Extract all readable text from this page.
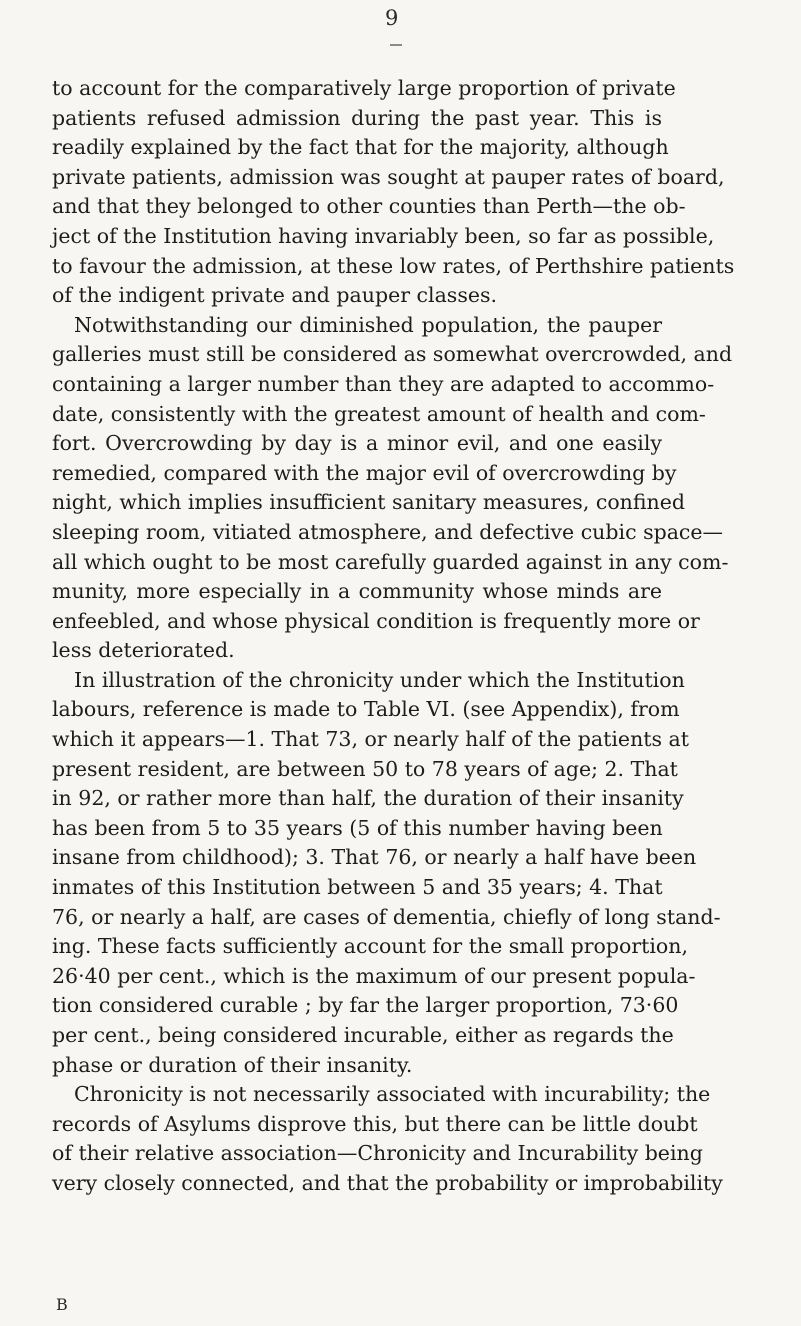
9
to account for the comparatively large proportion of private
patients refused admission during the past year. This is
readily explained by the fact that for the majority, although
private patients, admission was sought at pauper rates of board,
and that they belonged to other counties than Perth—the ob-
ject of the Institution having invariably been, so far as possible,
to favour the admission, at these low rates, of Perthshire patients
of the indigent private and pauper classes.
Notwithstanding our diminished population, the pauper
galleries must still be considered as somewhat overcrowded, and
containing a larger number than they are adapted to accommo-
date, consistently with the greatest amount of health and com-
fort. Overcrowding by day is a minor evil, and one easily
remedied, compared with the major evil of overcrowding by
night, which implies insufficient sanitary measures, confined
sleeping room, vitiated atmosphere, and defective cubic space—
all which ought to be most carefully guarded against in any com-
munity, more especially in a community whose minds are
enfeebled, and whose physical condition is frequently more or
less deteriorated.
In illustration of the chronicity under which the Institution
labours, reference is made to Table VI. (see Appendix), from
which it appears—1. That 73, or nearly half of the patients at
present resident, are between 50 to 78 years of age; 2. That
in 92, or rather more than half, the duration of their insanity
has been from 5 to 35 years (5 of this number having been
insane from childhood); 3. That 76, or nearly a half have been
inmates of this Institution between 5 and 35 years; 4. That
76, or nearly a half, are cases of dementia, chiefly of long stand-
ing. These facts sufficiently account for the small proportion,
26·40 per cent., which is the maximum of our present popula-
tion considered curable ; by far the larger proportion, 73·60
per cent., being considered incurable, either as regards the
phase or duration of their insanity.
Chronicity is not necessarily associated with incurability; the
records of Asylums disprove this, but there can be little doubt
of their relative association—Chronicity and Incurability being
very closely connected, and that the probability or improbability
B
